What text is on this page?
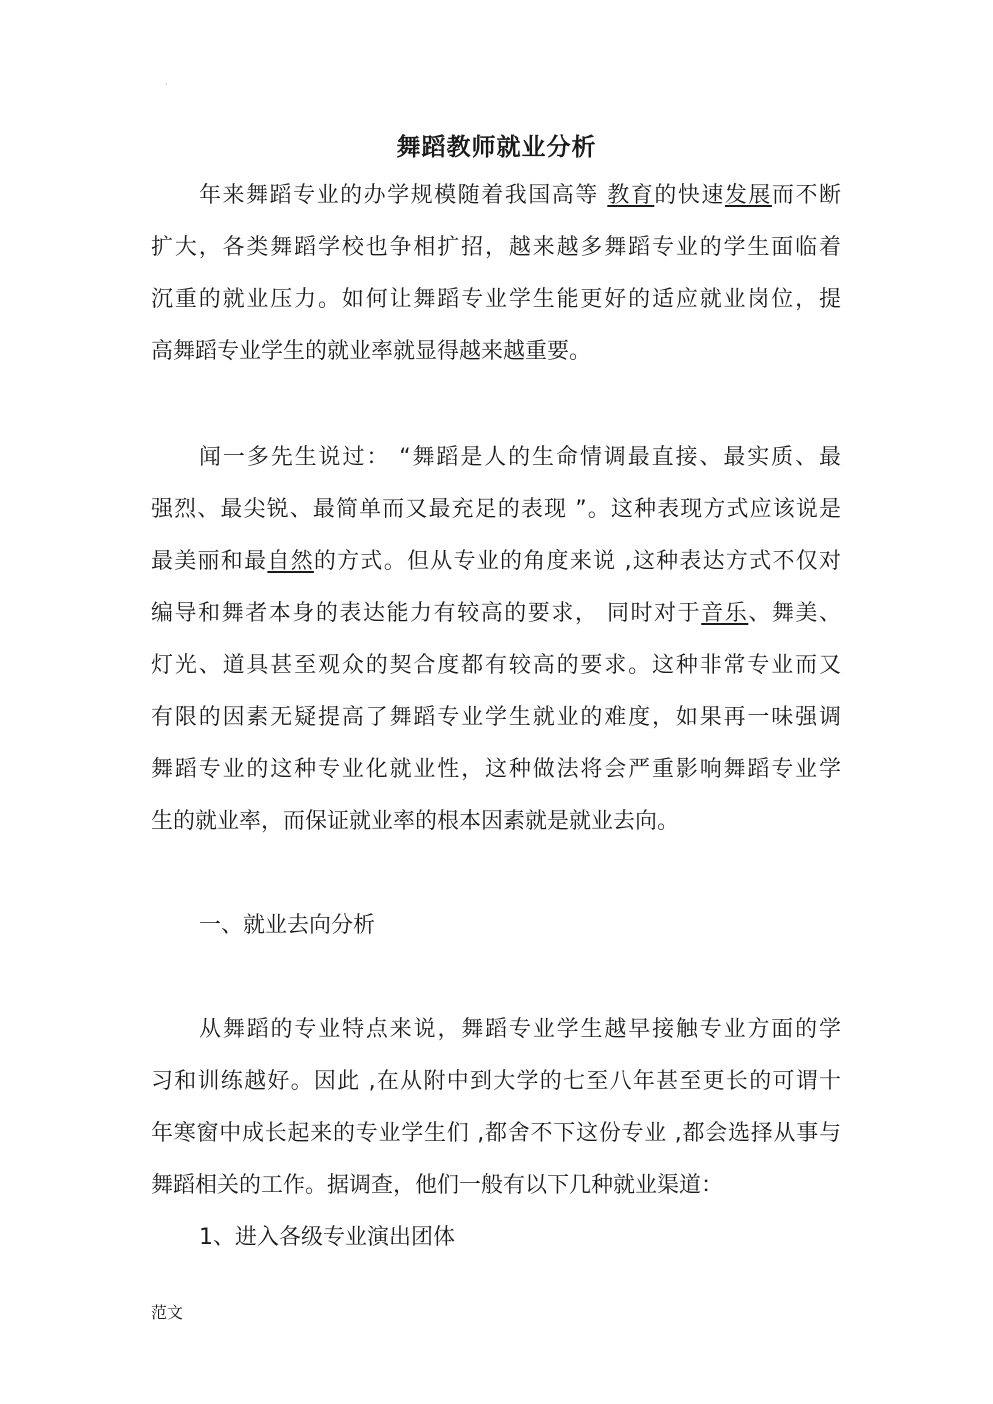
·
舞蹈教师就业分析
年来舞蹈专业的办学规模随着我国高等 教育的快速发展而不断
扩大，各类舞蹈学校也争相扩招，越来越多舞蹈专业的学生面临着
沉重的就业压力。如何让舞蹈专业学生能更好的适应就业岗位，提
高舞蹈专业学生的就业率就显得越来越重要。
闻一多先生说过： “舞蹈是人的生命情调最直接、最实质、最
强烈、最尖锐、最简单而又最充足的表现 ”。这种表现方式应该说是
最美丽和最自然的方式。但从专业的角度来说 ,这种表达方式不仅对
编导和舞者本身的表达能力有较高的要求， 同时对于音乐、舞美、
灯光、道具甚至观众的契合度都有较高的要求。这种非常专业而又
有限的因素无疑提高了舞蹈专业学生就业的难度，如果再一味强调
舞蹈专业的这种专业化就业性，这种做法将会严重影响舞蹈专业学
生的就业率，而保证就业率的根本因素就是就业去向。
一、就业去向分析
从舞蹈的专业特点来说，舞蹈专业学生越早接触专业方面的学
习和训练越好。因此 ,在从附中到大学的七至八年甚至更长的可谓十
年寒窗中成长起来的专业学生们 ,都舍不下这份专业 ,都会选择从事与
舞蹈相关的工作。据调查，他们一般有以下几种就业渠道：
1、进入各级专业演出团体
范文
